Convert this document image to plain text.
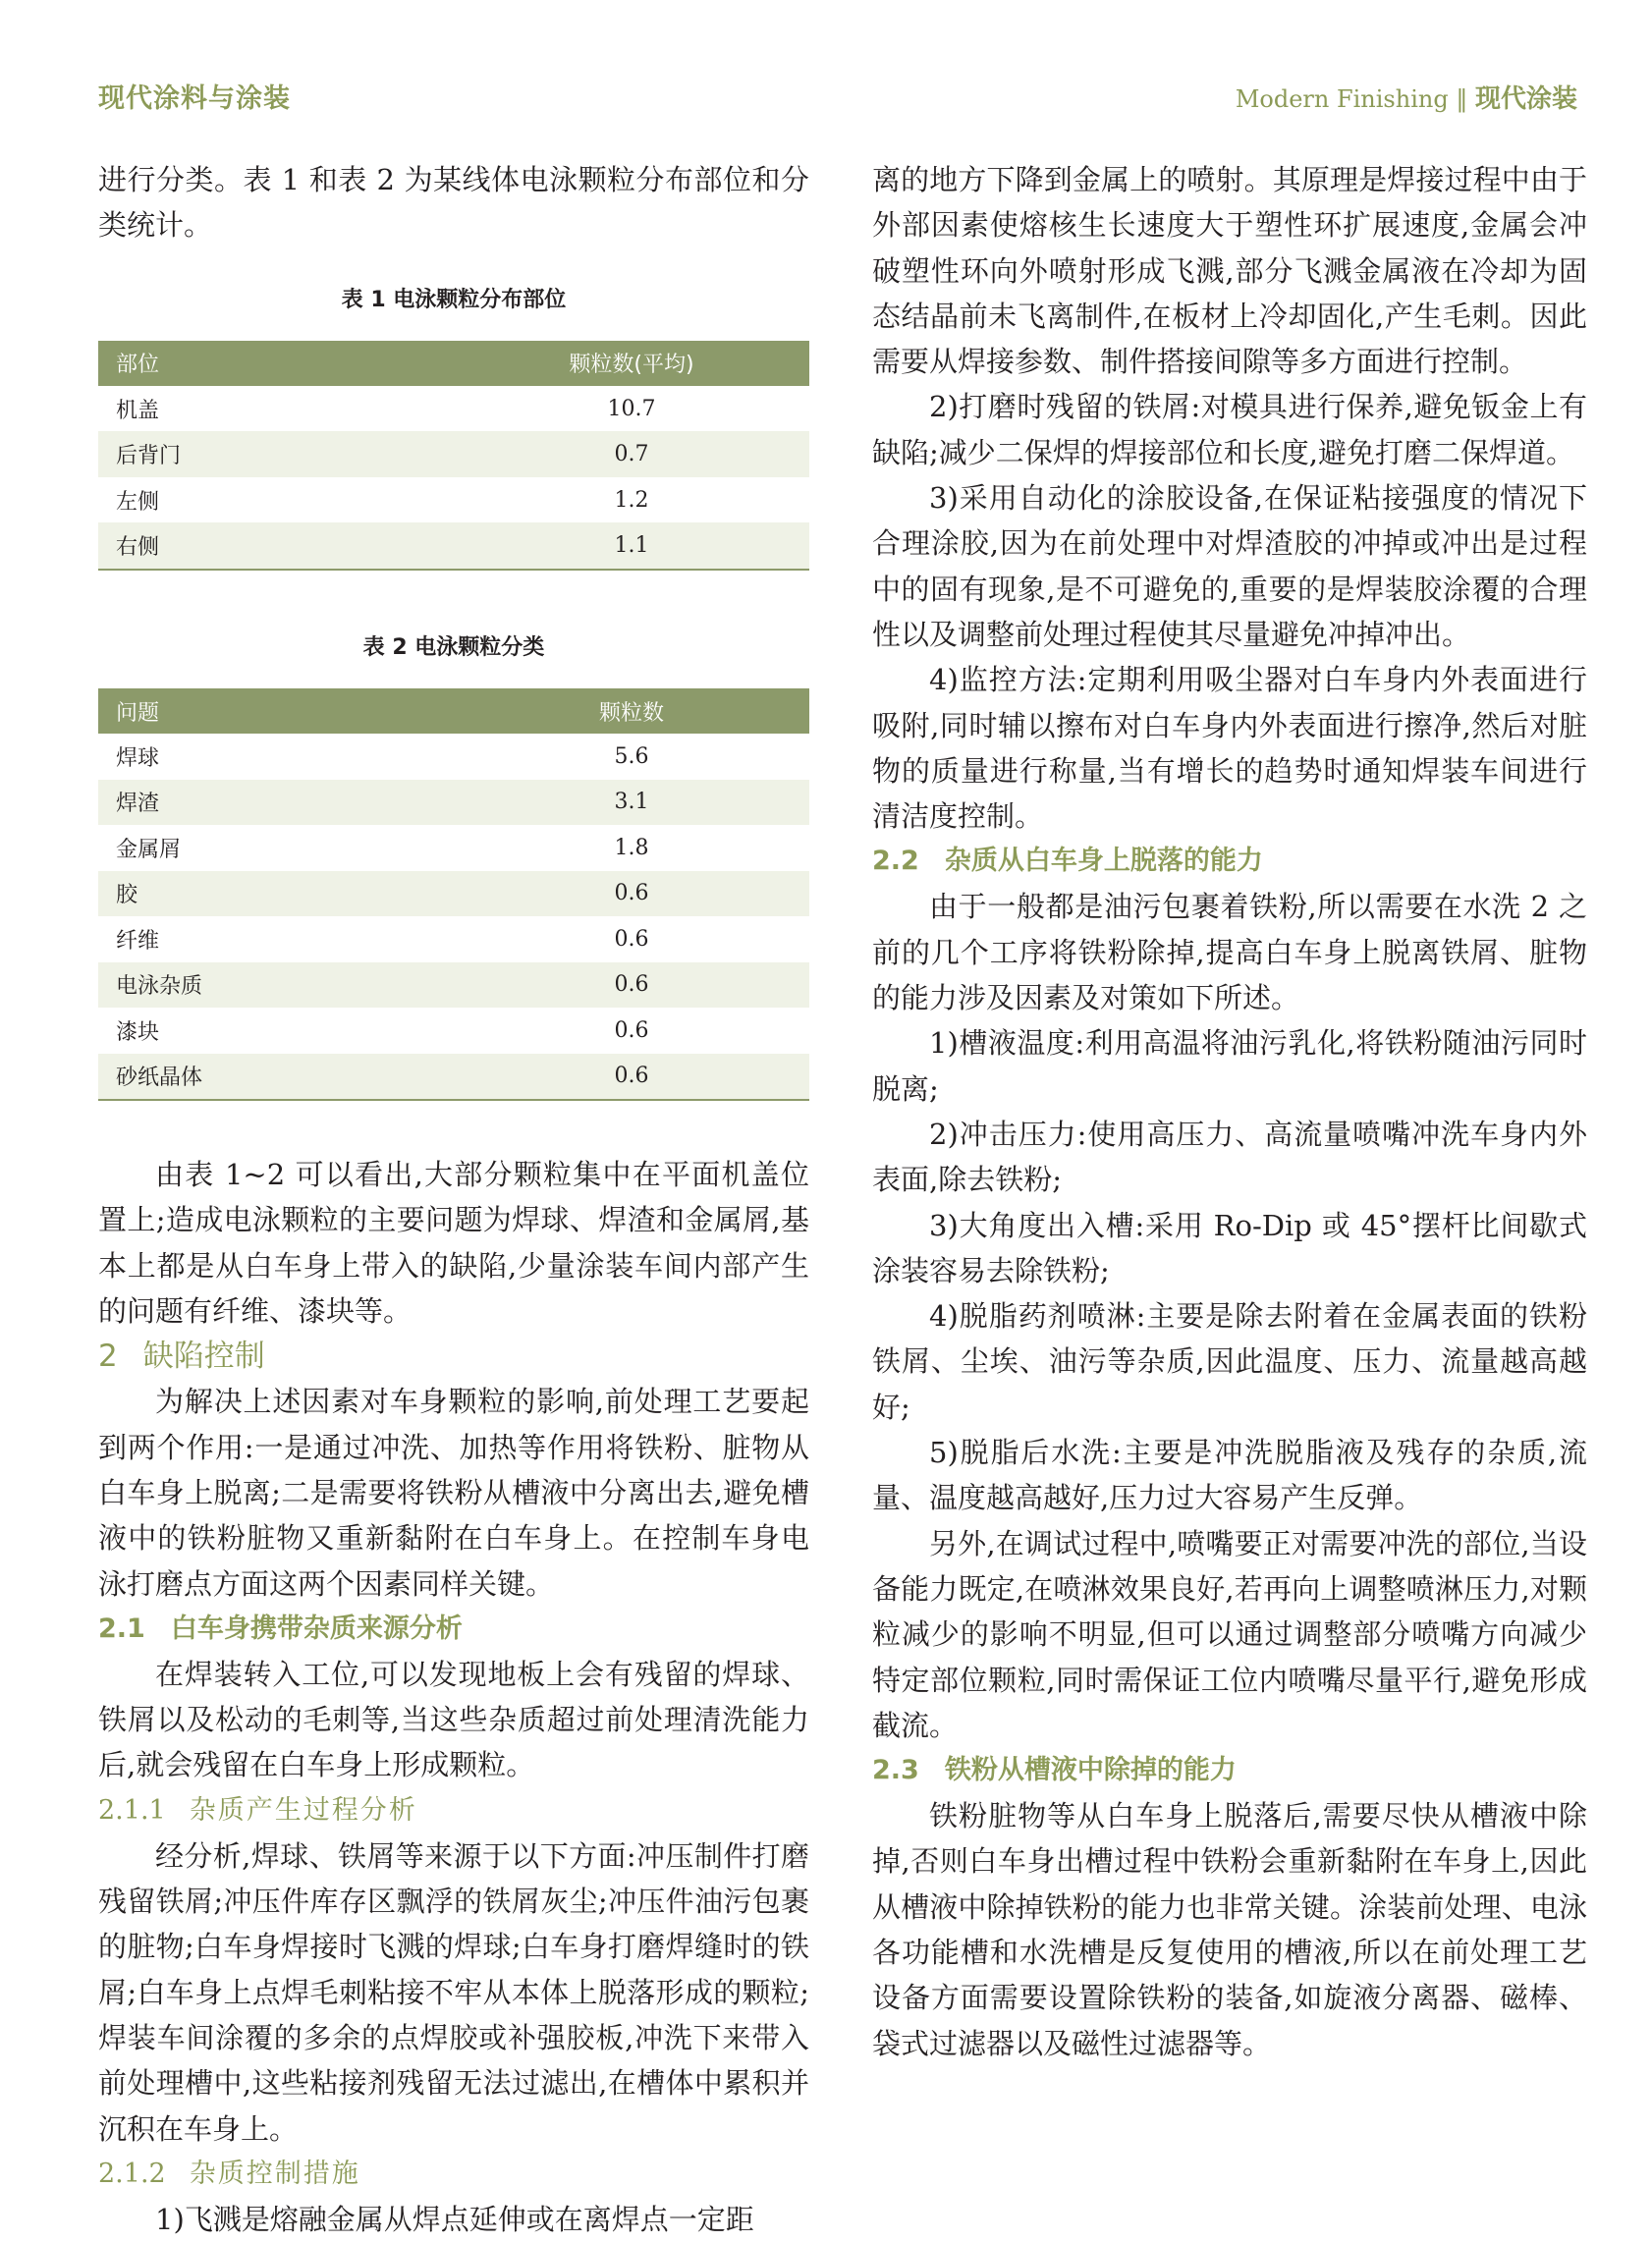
现代涂料与涂装	Modern Finishing ‖ 现代涂装

进行分类。表 1 和表 2 为某线体电泳颗粒分布部位和分类统计。

表 1 电泳颗粒分布部位

部位	颗粒数(平均)
机盖	10.7
后背门	0.7
左侧	1.2
右侧	1.1

表 2 电泳颗粒分类

问题	颗粒数
焊球	5.6
焊渣	3.1
金属屑	1.8
胶	0.6
纤维	0.6
电泳杂质	0.6
漆块	0.6
砂纸晶体	0.6

由表 1~2 可以看出,大部分颗粒集中在平面机盖位置上;造成电泳颗粒的主要问题为焊球、焊渣和金属屑,基本上都是从白车身上带入的缺陷,少量涂装车间内部产生的问题有纤维、漆块等。

2 缺陷控制

为解决上述因素对车身颗粒的影响,前处理工艺要起到两个作用:一是通过冲洗、加热等作用将铁粉、脏物从白车身上脱离;二是需要将铁粉从槽液中分离出去,避免槽液中的铁粉脏物又重新黏附在白车身上。在控制车身电泳打磨点方面这两个因素同样关键。

2.1 白车身携带杂质来源分析

在焊装转入工位,可以发现地板上会有残留的焊球、铁屑以及松动的毛刺等,当这些杂质超过前处理清洗能力后,就会残留在白车身上形成颗粒。

2.1.1 杂质产生过程分析

经分析,焊球、铁屑等来源于以下方面:冲压制件打磨残留铁屑;冲压件库存区飘浮的铁屑灰尘;冲压件油污包裹的脏物;白车身焊接时飞溅的焊球;白车身打磨焊缝时的铁屑;白车身上点焊毛刺粘接不牢从本体上脱落形成的颗粒;焊装车间涂覆的多余的点焊胶或补强胶板,冲洗下来带入前处理槽中,这些粘接剂残留无法过滤出,在槽体中累积并沉积在车身上。

2.1.2 杂质控制措施

1)飞溅是熔融金属从焊点延伸或在离焊点一定距

离的地方下降到金属上的喷射。其原理是焊接过程中由于外部因素使熔核生长速度大于塑性环扩展速度,金属会冲破塑性环向外喷射形成飞溅,部分飞溅金属液在冷却为固态结晶前未飞离制件,在板材上冷却固化,产生毛刺。因此需要从焊接参数、制件搭接间隙等多方面进行控制。

2)打磨时残留的铁屑:对模具进行保养,避免钣金上有缺陷;减少二保焊的焊接部位和长度,避免打磨二保焊道。

3)采用自动化的涂胶设备,在保证粘接强度的情况下合理涂胶,因为在前处理中对焊渣胶的冲掉或冲出是过程中的固有现象,是不可避免的,重要的是焊装胶涂覆的合理性以及调整前处理过程使其尽量避免冲掉冲出。

4)监控方法:定期利用吸尘器对白车身内外表面进行吸附,同时辅以擦布对白车身内外表面进行擦净,然后对脏物的质量进行称量,当有增长的趋势时通知焊装车间进行清洁度控制。

2.2 杂质从白车身上脱落的能力

由于一般都是油污包裹着铁粉,所以需要在水洗 2 之前的几个工序将铁粉除掉,提高白车身上脱离铁屑、脏物的能力涉及因素及对策如下所述。

1)槽液温度:利用高温将油污乳化,将铁粉随油污同时脱离;

2)冲击压力:使用高压力、高流量喷嘴冲洗车身内外表面,除去铁粉;

3)大角度出入槽:采用 Ro-Dip 或 45°摆杆比间歇式涂装容易去除铁粉;

4)脱脂药剂喷淋:主要是除去附着在金属表面的铁粉铁屑、尘埃、油污等杂质,因此温度、压力、流量越高越好;

5)脱脂后水洗:主要是冲洗脱脂液及残存的杂质,流量、温度越高越好,压力过大容易产生反弹。

另外,在调试过程中,喷嘴要正对需要冲洗的部位,当设备能力既定,在喷淋效果良好,若再向上调整喷淋压力,对颗粒减少的影响不明显,但可以通过调整部分喷嘴方向减少特定部位颗粒,同时需保证工位内喷嘴尽量平行,避免形成截流。

2.3 铁粉从槽液中除掉的能力

铁粉脏物等从白车身上脱落后,需要尽快从槽液中除掉,否则白车身出槽过程中铁粉会重新黏附在车身上,因此从槽液中除掉铁粉的能力也非常关键。涂装前处理、电泳各功能槽和水洗槽是反复使用的槽液,所以在前处理工艺设备方面需要设置除铁粉的装备,如旋液分离器、磁棒、袋式过滤器以及磁性过滤器等。
